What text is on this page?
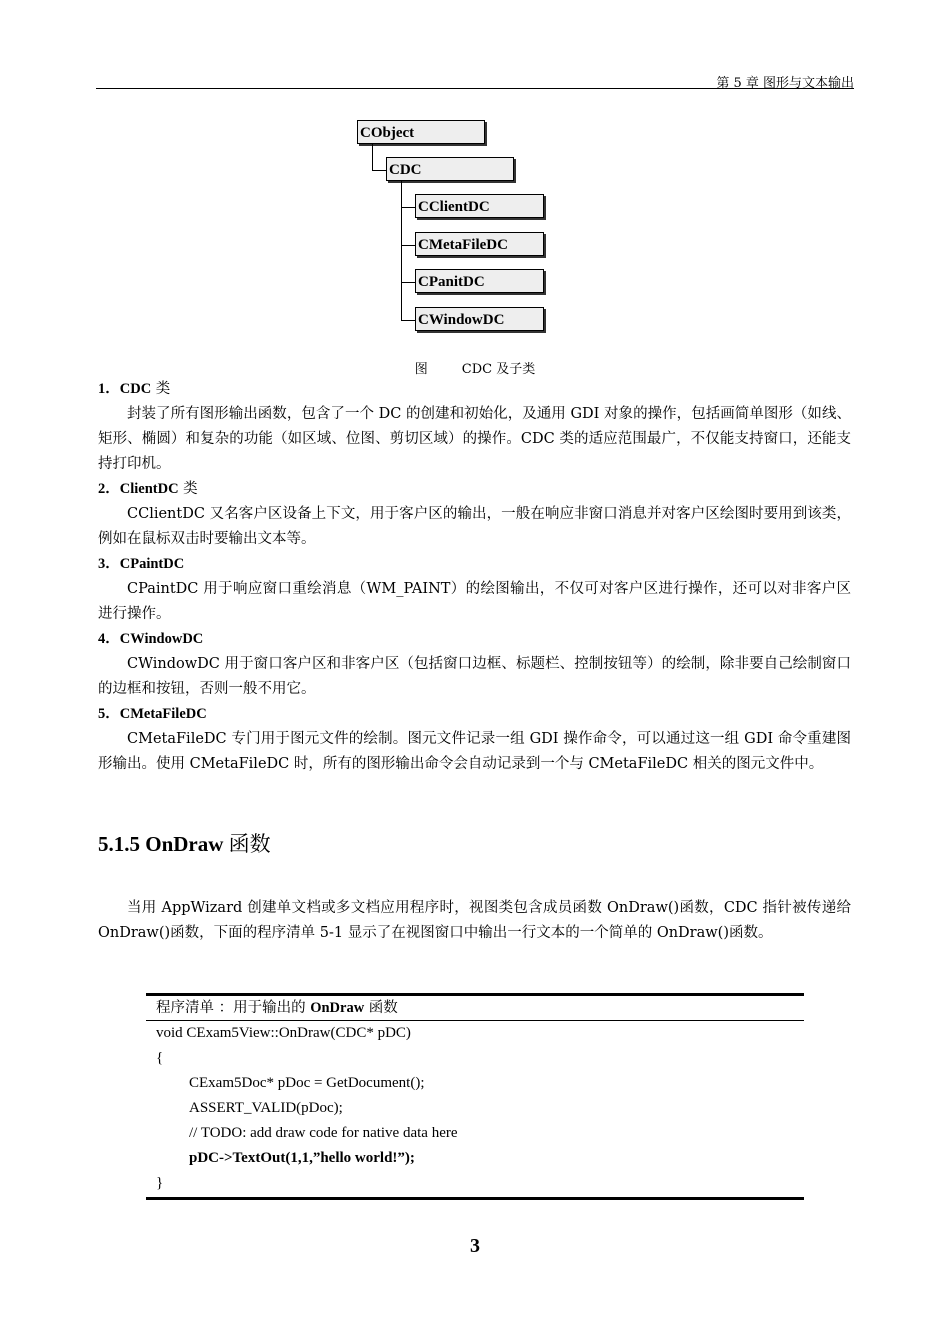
第 5 章 图形与文本输出
CObject
CDC
CClientDC
CMetaFileDC
CPanitDC
CWindowDC
图	CDC 及子类

1．CDC 类

封装了所有图形输出函数，包含了一个 DC 的创建和初始化，及通用 GDI 对象的操作，包括画简单图形（如线、矩形、椭圆）和复杂的功能（如区域、位图、剪切区域）的操作。CDC 类的适应范围最广，不仅能支持窗口，还能支持打印机。

2．ClientDC 类

CClientDC 又名客户区设备上下文，用于客户区的输出，一般在响应非窗口消息并对客户区绘图时要用到该类，例如在鼠标双击时要输出文本等。

3．CPaintDC

CPaintDC 用于响应窗口重绘消息（WM_PAINT）的绘图输出，不仅可对客户区进行操作，还可以对非客户区进行操作。

4．CWindowDC

CWindowDC 用于窗口客户区和非客户区（包括窗口边框、标题栏、控制按钮等）的绘制，除非要自己绘制窗口的边框和按钮，否则一般不用它。

5．CMetaFileDC

CMetaFileDC 专门用于图元文件的绘制。图元文件记录一组 GDI 操作命令，可以通过这一组 GDI 命令重建图形输出。使用 CMetaFileDC 时，所有的图形输出命令会自动记录到一个与 CMetaFileDC 相关的图元文件中。

5.1.5 OnDraw 函数
当用 AppWizard 创建单文档或多文档应用程序时，视图类包含成员函数 OnDraw()函数，CDC 指针被传递给 OnDraw()函数，下面的程序清单 5-1 显示了在视图窗口中输出一行文本的一个简单的 OnDraw()函数。
程序清单 ：用于输出的 OnDraw 函数
void CExam5View::OnDraw(CDC* pDC)
{
CExam5Doc* pDoc = GetDocument();
ASSERT_VALID(pDoc);
// TODO: add draw code for native data here
pDC->TextOut(1,1,”hello world!”);
}
3
